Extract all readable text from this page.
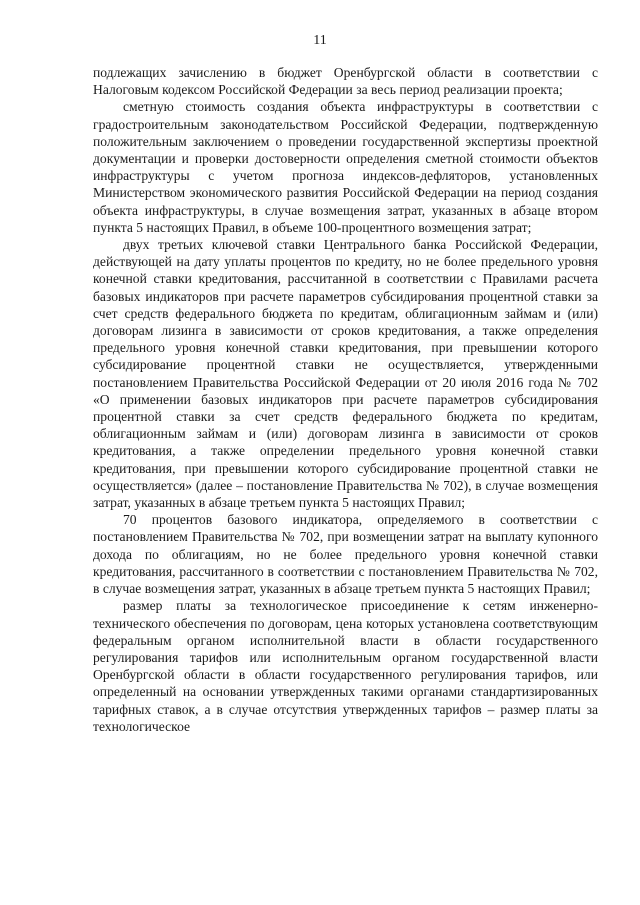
11

подлежащих зачислению в бюджет Оренбургской области в соответствии с Налоговым кодексом Российской Федерации за весь период реализации проекта;

сметную стоимость создания объекта инфраструктуры в соответствии с градостроительным законодательством Российской Федерации, подтвержденную положительным заключением о проведении государственной экспертизы проектной документации и проверки достоверности определения сметной стоимости объектов инфраструктуры с учетом прогноза индексов-дефляторов, установленных Министерством экономического развития Российской Федерации на период создания объекта инфраструктуры, в случае возмещения затрат, указанных в абзаце втором пункта 5 настоящих Правил, в объеме 100-процентного возмещения затрат;

двух третьих ключевой ставки Центрального банка Российской Федерации, действующей на дату уплаты процентов по кредиту, но не более предельного уровня конечной ставки кредитования, рассчитанной в соответствии с Правилами расчета базовых индикаторов при расчете параметров субсидирования процентной ставки за счет средств федерального бюджета по кредитам, облигационным займам и (или) договорам лизинга в зависимости от сроков кредитования, а также определения предельного уровня конечной ставки кредитования, при превышении которого субсидирование процентной ставки не осуществляется, утвержденными постановлением Правительства Российской Федерации от 20 июля 2016 года № 702 «О применении базовых индикаторов при расчете параметров субсидирования процентной ставки за счет средств федерального бюджета по кредитам, облигационным займам и (или) договорам лизинга в зависимости от сроков кредитования, а также определении предельного уровня конечной ставки кредитования, при превышении которого субсидирование процентной ставки не осуществляется» (далее – постановление Правительства № 702), в случае возмещения затрат, указанных в абзаце третьем пункта 5 настоящих Правил;

70 процентов базового индикатора, определяемого в соответствии с постановлением Правительства № 702, при возмещении затрат на выплату купонного дохода по облигациям, но не более предельного уровня конечной ставки кредитования, рассчитанного в соответствии с постановлением Правительства № 702, в случае возмещения затрат, указанных в абзаце третьем пункта 5 настоящих Правил;

размер платы за технологическое присоединение к сетям инженерно-технического обеспечения по договорам, цена которых установлена соответствующим федеральным органом исполнительной власти в области государственного регулирования тарифов или исполнительным органом государственной власти Оренбургской области в области государственного регулирования тарифов, или определенный на основании утвержденных такими органами стандартизированных тарифных ставок, а в случае отсутствия утвержденных тарифов – размер платы за технологическое
